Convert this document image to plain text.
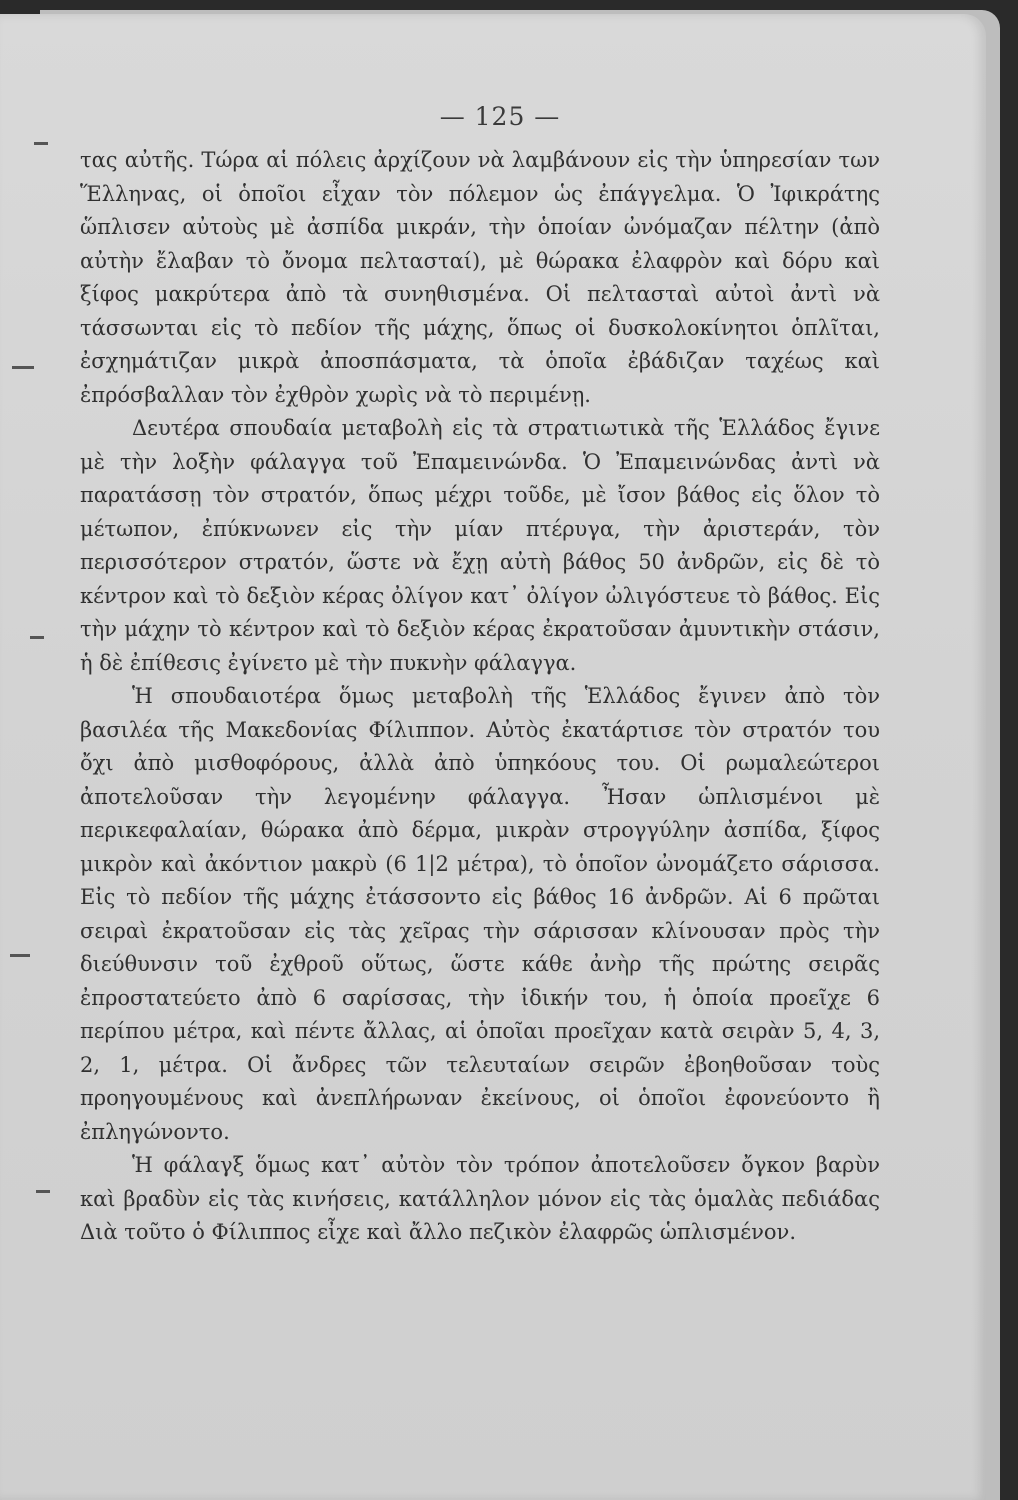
— 125 —

τας αὐτῆς. Τώρα αἱ πόλεις ἀρχίζουν νὰ λαμβάνουν εἰς τὴν ὑπηρεσίαν των Ἕλληνας, οἱ ὁποῖοι εἶχαν τὸν πόλεμον ὡς ἐπάγγελμα. Ὁ Ἰφικράτης ὥπλισεν αὐτοὺς μὲ ἀσπίδα μικράν, τὴν ὁποίαν ὠνόμαζαν πέλτην (ἀπὸ αὐτὴν ἔλαβαν τὸ ὄνομα πελτασταί), μὲ θώρακα ἐλαφρὸν καὶ δόρυ καὶ ξίφος μακρύτερα ἀπὸ τὰ συνηθισμένα. Οἱ πελτασταὶ αὐτοὶ ἀντὶ νὰ τάσσωνται εἰς τὸ πεδίον τῆς μάχης, ὅπως οἱ δυσκολοκίνητοι ὁπλῖται, ἐσχημάτιζαν μικρὰ ἀποσπάσματα, τὰ ὁποῖα ἐβάδιζαν ταχέως καὶ ἐπρόσβαλλαν τὸν ἐχθρὸν χωρὶς νὰ τὸ περιμένῃ.

Δευτέρα σπουδαία μεταβολὴ εἰς τὰ στρατιωτικὰ τῆς Ἑλλάδος ἔγινε μὲ τὴν λοξὴν φάλαγγα τοῦ Ἐπαμεινώνδα. Ὁ Ἐπαμεινώνδας ἀντὶ νὰ παρατάσσῃ τὸν στρατόν, ὅπως μέχρι τοῦδε, μὲ ἴσον βάθος εἰς ὅλον τὸ μέτωπον, ἐπύκνωνεν εἰς τὴν μίαν πτέρυγα, τὴν ἀριστεράν, τὸν περισσότερον στρατόν, ὥστε νὰ ἔχῃ αὐτὴ βάθος 50 ἀνδρῶν, εἰς δὲ τὸ κέντρον καὶ τὸ δεξιὸν κέρας ὀλίγον κατ᾿ ὀλίγον ὠλιγόστευε τὸ βάθος. Εἰς τὴν μάχην τὸ κέντρον καὶ τὸ δεξιὸν κέρας ἐκρατοῦσαν ἀμυντικὴν στάσιν, ἡ δὲ ἐπίθεσις ἐγίνετο μὲ τὴν πυκνὴν φάλαγγα.

Ἡ σπουδαιοτέρα ὅμως μεταβολὴ τῆς Ἑλλάδος ἔγινεν ἀπὸ τὸν βασιλέα τῆς Μακεδονίας Φίλιππον. Αὐτὸς ἐκατάρτισε τὸν στρατόν του ὄχι ἀπὸ μισθοφόρους, ἀλλὰ ἀπὸ ὑπηκόους του. Οἱ ρωμαλεώτεροι ἀποτελοῦσαν τὴν λεγομένην φάλαγγα. Ἦσαν ὡπλισμένοι μὲ περικεφαλαίαν, θώρακα ἀπὸ δέρμα, μικρὰν στρογγύλην ἀσπίδα, ξίφος μικρὸν καὶ ἀκόντιον μακρὺ (6 1|2 μέτρα), τὸ ὁποῖον ὠνομάζετο σάρισσα. Εἰς τὸ πεδίον τῆς μάχης ἐτάσσοντο εἰς βάθος 16 ἀνδρῶν. Αἱ 6 πρῶται σειραὶ ἐκρατοῦσαν εἰς τὰς χεῖρας τὴν σάρισσαν κλίνουσαν πρὸς τὴν διεύθυνσιν τοῦ ἐχθροῦ οὕτως, ὥστε κάθε ἀνὴρ τῆς πρώτης σειρᾶς ἐπροστατεύετο ἀπὸ 6 σαρίσσας, τὴν ἰδικήν του, ἡ ὁποία προεῖχε 6 περίπου μέτρα, καὶ πέντε ἄλλας, αἱ ὁποῖαι προεῖχαν κατὰ σειρὰν 5, 4, 3, 2, 1, μέτρα. Οἱ ἄνδρες τῶν τελευταίων σειρῶν ἐβοηθοῦσαν τοὺς προηγουμένους καὶ ἀνεπλήρωναν ἐκείνους, οἱ ὁποῖοι ἐφονεύοντο ἢ ἐπληγώνοντο.

Ἡ φάλαγξ ὅμως κατ᾿ αὐτὸν τὸν τρόπον ἀποτελοῦσεν ὄγκον βαρὺν καὶ βραδὺν εἰς τὰς κινήσεις, κατάλληλον μόνον εἰς τὰς ὁμαλὰς πεδιάδας Διὰ τοῦτο ὁ Φίλιππος εἶχε καὶ ἄλλο πεζικὸν ἐλαφρῶς ὡπλισμένον.
